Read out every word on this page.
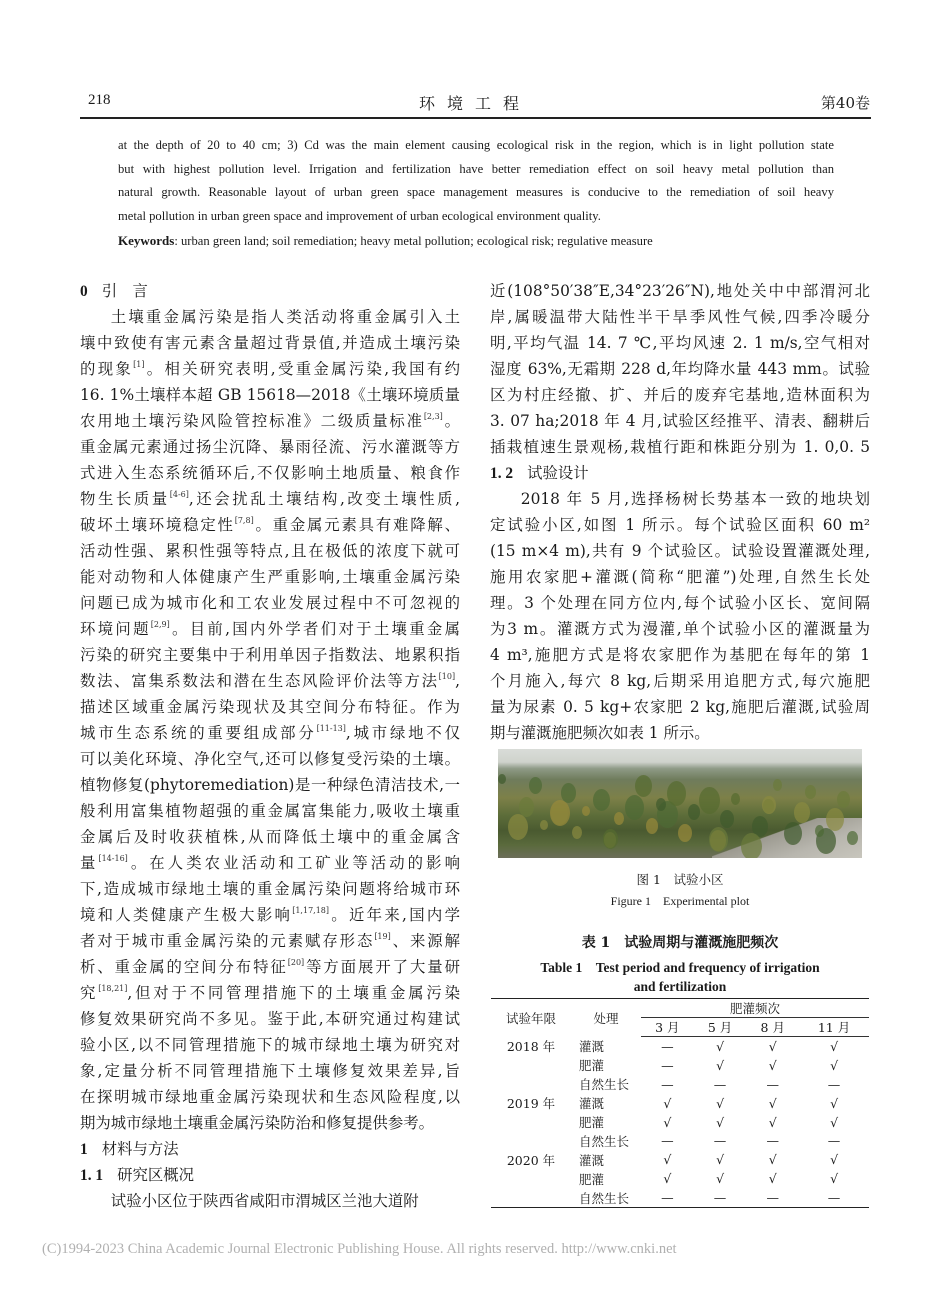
218	环境工程	第40卷
at the depth of 20 to 40 cm; 3) Cd was the main element causing ecological risk in the region, which is in light pollution state
but with highest pollution level. Irrigation and fertilization have better remediation effect on soil heavy metal pollution than
natural growth. Reasonable layout of urban green space management measures is conducive to the remediation of soil heavy
metal pollution in urban green space and improvement of urban ecological environment quality.
Keywords: urban green land; soil remediation; heavy metal pollution; ecological risk; regulative measure
0 引　言
土壤重金属污染是指人类活动将重金属引入土
壤中致使有害元素含量超过背景值,并造成土壤污染
的现象[1]。相关研究表明,受重金属污染,我国有约
16. 1%土壤样本超 GB 15618—2018《土壤环境质量
农用地土壤污染风险管控标准》二级质量标准[2,3]。
重金属元素通过扬尘沉降、暴雨径流、污水灌溉等方
式进入生态系统循环后,不仅影响土地质量、粮食作
物生长质量[4-6],还会扰乱土壤结构,改变土壤性质,
破坏土壤环境稳定性[7,8]。重金属元素具有难降解、
活动性强、累积性强等特点,且在极低的浓度下就可
能对动物和人体健康产生严重影响,土壤重金属污染
问题已成为城市化和工农业发展过程中不可忽视的
环境问题[2,9]。目前,国内外学者们对于土壤重金属
污染的研究主要集中于利用单因子指数法、地累积指
数法、富集系数法和潜在生态风险评价法等方法[10],
描述区域重金属污染现状及其空间分布特征。作为
城市生态系统的重要组成部分[11-13],城市绿地不仅
可以美化环境、净化空气,还可以修复受污染的土壤。
植物修复(phytoremediation)是一种绿色清洁技术,一
般利用富集植物超强的重金属富集能力,吸收土壤重
金属后及时收获植株,从而降低土壤中的重金属含
量[14-16]。在人类农业活动和工矿业等活动的影响
下,造成城市绿地土壤的重金属污染问题将给城市环
境和人类健康产生极大影响[1,17,18]。近年来,国内学
者对于城市重金属污染的元素赋存形态[19]、来源解
析、重金属的空间分布特征[20]等方面展开了大量研
究[18,21],但对于不同管理措施下的土壤重金属污染
修复效果研究尚不多见。鉴于此,本研究通过构建试
验小区,以不同管理措施下的城市绿地土壤为研究对
象,定量分析不同管理措施下土壤修复效果差异,旨
在探明城市绿地重金属污染现状和生态风险程度,以
期为城市绿地土壤重金属污染防治和修复提供参考。
1 材料与方法
1. 1 研究区概况
试验小区位于陕西省咸阳市渭城区兰池大道附
近(108°50′38″E,34°23′26″N),地处关中中部渭河北
岸,属暖温带大陆性半干旱季风性气候,四季冷暖分
明,平均气温 14. 7 ℃,平均风速 2. 1 m/s,空气相对
湿度 63%,无霜期 228 d,年均降水量 443 mm。试验
区为村庄经撤、扩、并后的废弃宅基地,造林面积为
3. 07 ha;2018 年 4 月,试验区经推平、清表、翻耕后
插栽植速生景观杨,栽植行距和株距分别为 1. 0,0. 5
1. 2 试验设计
2018 年 5 月,选择杨树长势基本一致的地块划
定试验小区,如图 1 所示。每个试验区面积 60 m²
(15 m×4 m),共有 9 个试验区。试验设置灌溉处理,
施用农家肥+灌溉(简称“肥灌”)处理,自然生长处
理。3 个处理在同方位内,每个试验小区长、宽间隔
为3 m。灌溉方式为漫灌,单个试验小区的灌溉量为
4 m³,施肥方式是将农家肥作为基肥在每年的第 1
个月施入,每穴 8 kg,后期采用追肥方式,每穴施肥
量为尿素 0. 5 kg+农家肥 2 kg,施肥后灌溉,试验周
期与灌溉施肥频次如表 1 所示。
图 1　试验小区
Figure 1　Experimental plot
表 1　试验周期与灌溉施肥频次
Table 1　Test period and frequency of irrigation
and fertilization
试验年限	处理	肥灌频次			
		3 月	5 月	8 月	11 月
2018 年	灌溉	—	√	√	√
	肥灌	—	√	√	√
	自然生长	—	—	—	—
2019 年	灌溉	√	√	√	√
	肥灌	√	√	√	√
	自然生长	—	—	—	—
2020 年	灌溉	√	√	√	√
	肥灌	√	√	√	√
	自然生长	—	—	—	—
(C)1994-2023 China Academic Journal Electronic Publishing House. All rights reserved. http://www.cnki.net
